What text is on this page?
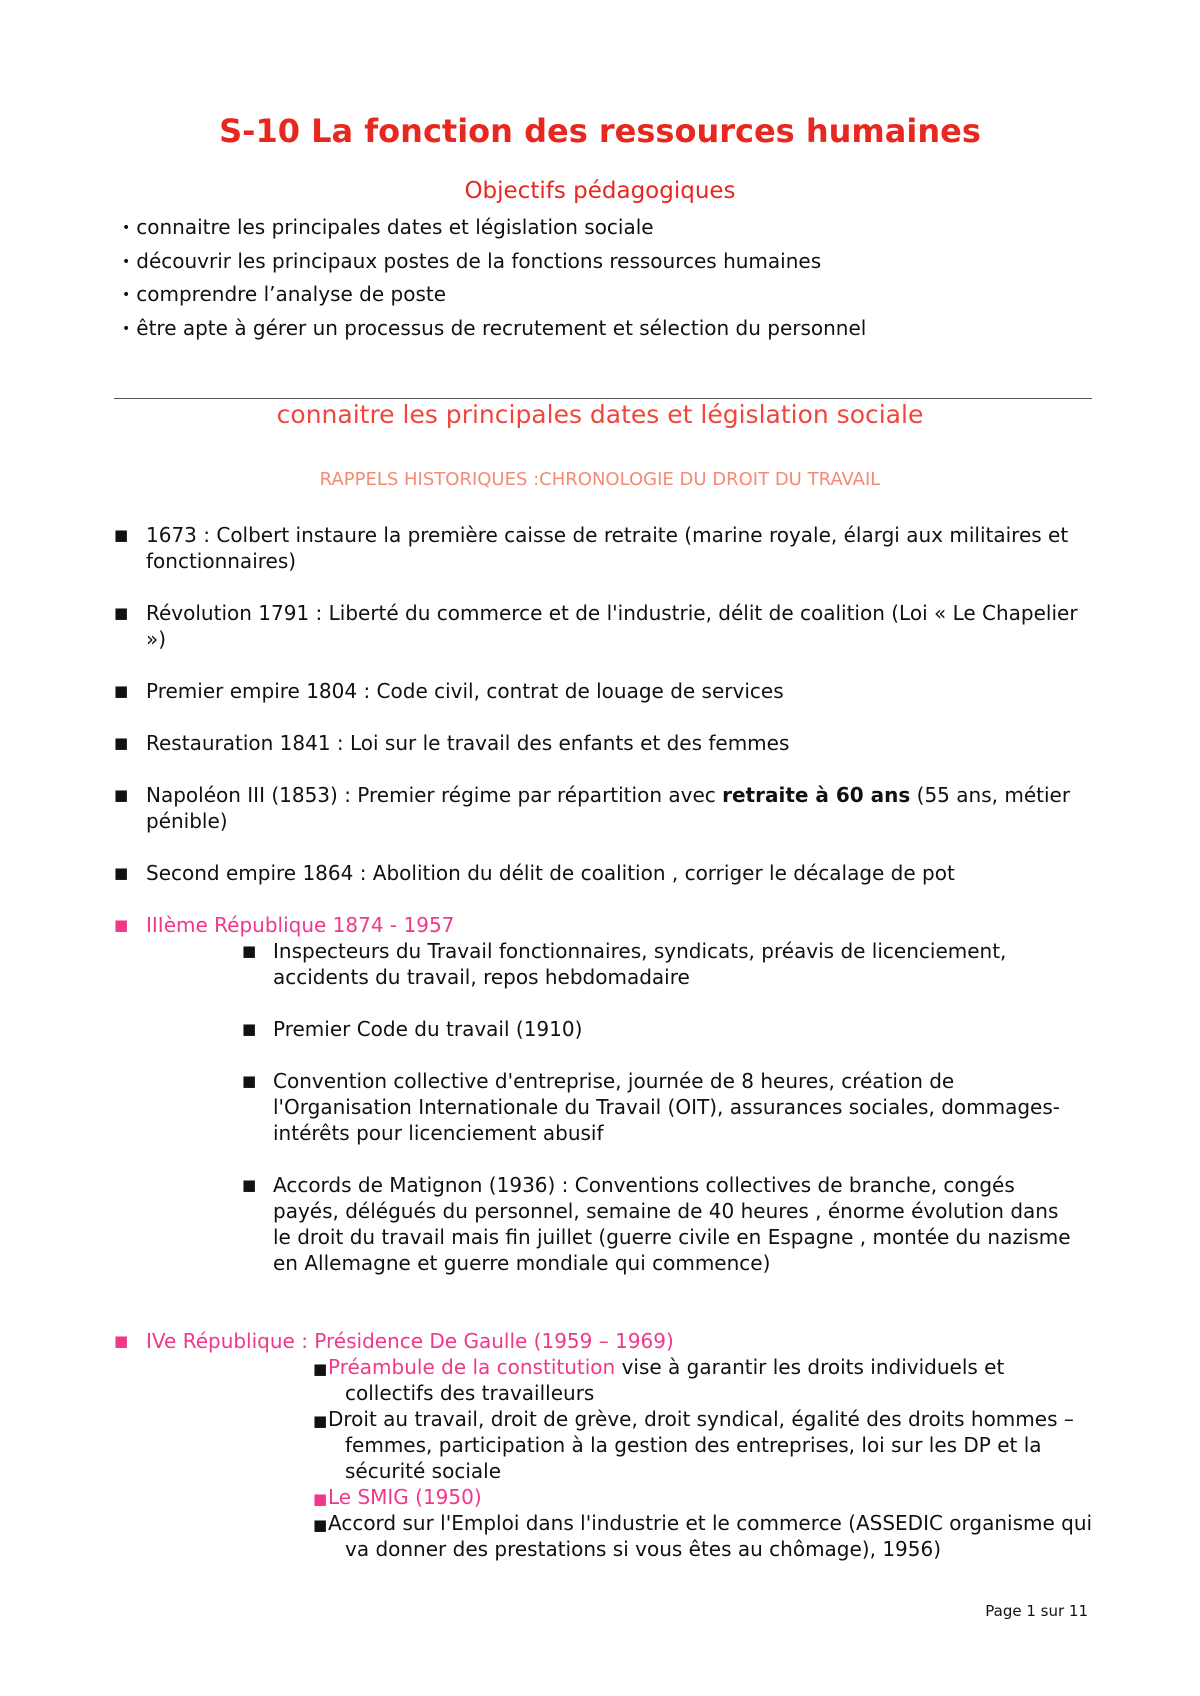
S-10 La fonction des ressources humaines
Objectifs pédagogiques
• connaitre les principales dates et législation sociale
• découvrir les principaux postes de la fonctions ressources humaines
• comprendre l’analyse de poste
• être apte à gérer un processus de recrutement et sélection du personnel
connaitre les principales dates et législation sociale
RAPPELS HISTORIQUES :CHRONOLOGIE DU DROIT DU TRAVAIL
■ 1673 : Colbert instaure la première caisse de retraite (marine royale, élargi aux militaires et fonctionnaires)
■ Révolution 1791 : Liberté du commerce et de l'industrie, délit de coalition (Loi « Le Chapelier »)
■ Premier empire 1804 : Code civil, contrat de louage de services
■ Restauration 1841 : Loi sur le travail des enfants et des femmes
■ Napoléon III (1853) : Premier régime par répartition avec retraite à 60 ans (55 ans, métier pénible)
■ Second empire 1864 : Abolition du délit de coalition , corriger le décalage de pot
■ IIIème République 1874 - 1957
■ Inspecteurs du Travail fonctionnaires, syndicats, préavis de licenciement, accidents du travail, repos hebdomadaire
■ Premier Code du travail (1910)
■ Convention collective d'entreprise, journée de 8 heures, création de l'Organisation Internationale du Travail (OIT), assurances sociales, dommages-intérêts pour licenciement abusif
■ Accords de Matignon (1936) : Conventions collectives de branche, congés payés, délégués du personnel, semaine de 40 heures , énorme évolution dans le droit du travail mais fin juillet (guerre civile en Espagne , montée du nazisme en Allemagne et guerre mondiale qui commence)
■ IVe République : Présidence De Gaulle (1959 – 1969)
■ Préambule de la constitution vise à garantir les droits individuels et collectifs des travailleurs
■ Droit au travail, droit de grève, droit syndical, égalité des droits hommes – femmes, participation à la gestion des entreprises, loi sur les DP et la sécurité sociale
■ Le SMIG (1950)
■ Accord sur l'Emploi dans l'industrie et le commerce (ASSEDIC organisme qui va donner des prestations si vous êtes au chômage), 1956)
Page 1 sur 11
